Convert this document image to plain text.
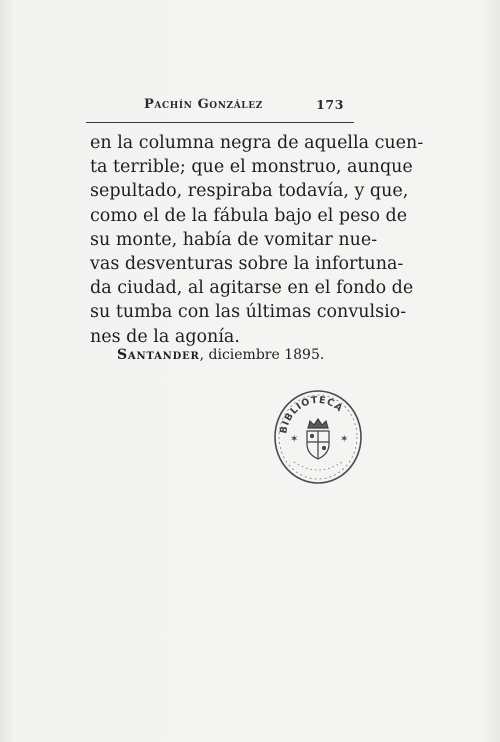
Pachín González	173
en la columna negra de aquella cuen-
ta terrible; que el monstruo, aunque
sepultado, respiraba todavía, y que,
como el de la fábula bajo el peso de
su monte, había de vomitar nue-
vas desventuras sobre la infortuna-
da ciudad, al agitarse en el fondo de
su tumba con las últimas convulsio-
nes de la agonía.
Santander, diciembre 1895.
BIBLIOTECA
✶	✶
